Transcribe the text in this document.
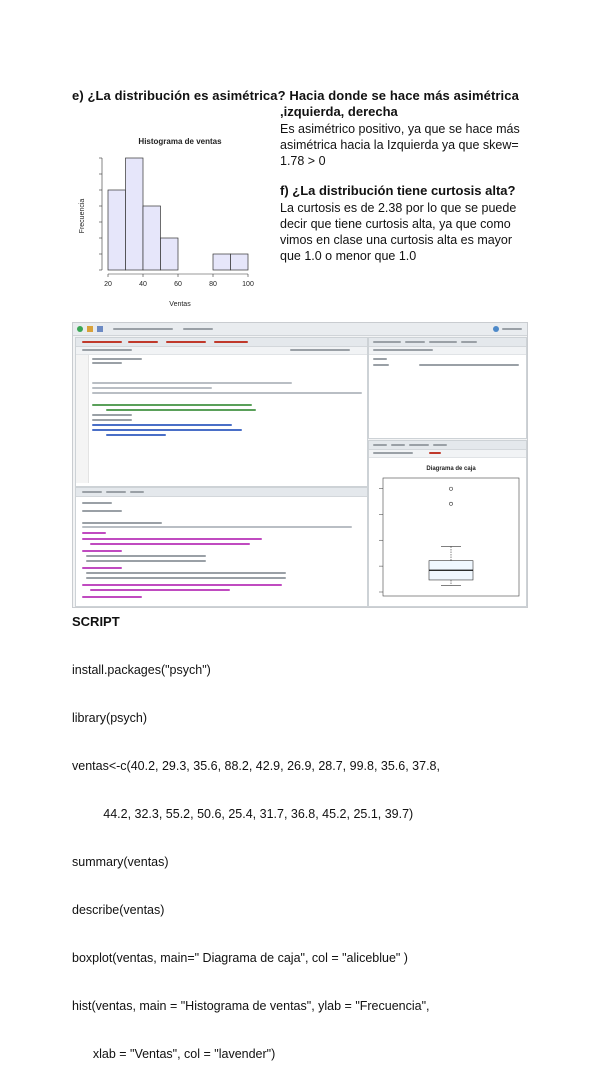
e) ¿La distribución es asimétrica? Hacia donde se hace más asimétrica
,izquierda, derecha
Es asimétrico positivo, ya que se hace más
asimétrica hacia la Izquierda ya que skew=
1.78 > 0
f) ¿La distribución tiene curtosis alta?
La curtosis es de 2.38 por lo que se puede
decir que tiene curtosis alta, ya que como
vimos en clase una curtosis alta es mayor
que 1.0 o menor que 1.0
Histograma de ventas
Frecuencia
Ventas
20	40	60	80	100
Diagrama de caja
SCRIPT

install.packages("psych")

library(psych)

ventas<-c(40.2, 29.3, 35.6, 88.2, 42.9, 26.9, 28.7, 99.8, 35.6, 37.8,

44.2, 32.3, 55.2, 50.6, 25.4, 31.7, 36.8, 45.2, 25.1, 39.7)

summary(ventas)

describe(ventas)

boxplot(ventas, main=" Diagrama de caja", col = "aliceblue" )

hist(ventas, main = "Histograma de ventas", ylab = "Frecuencia",

xlab = "Ventas", col = "lavender")
